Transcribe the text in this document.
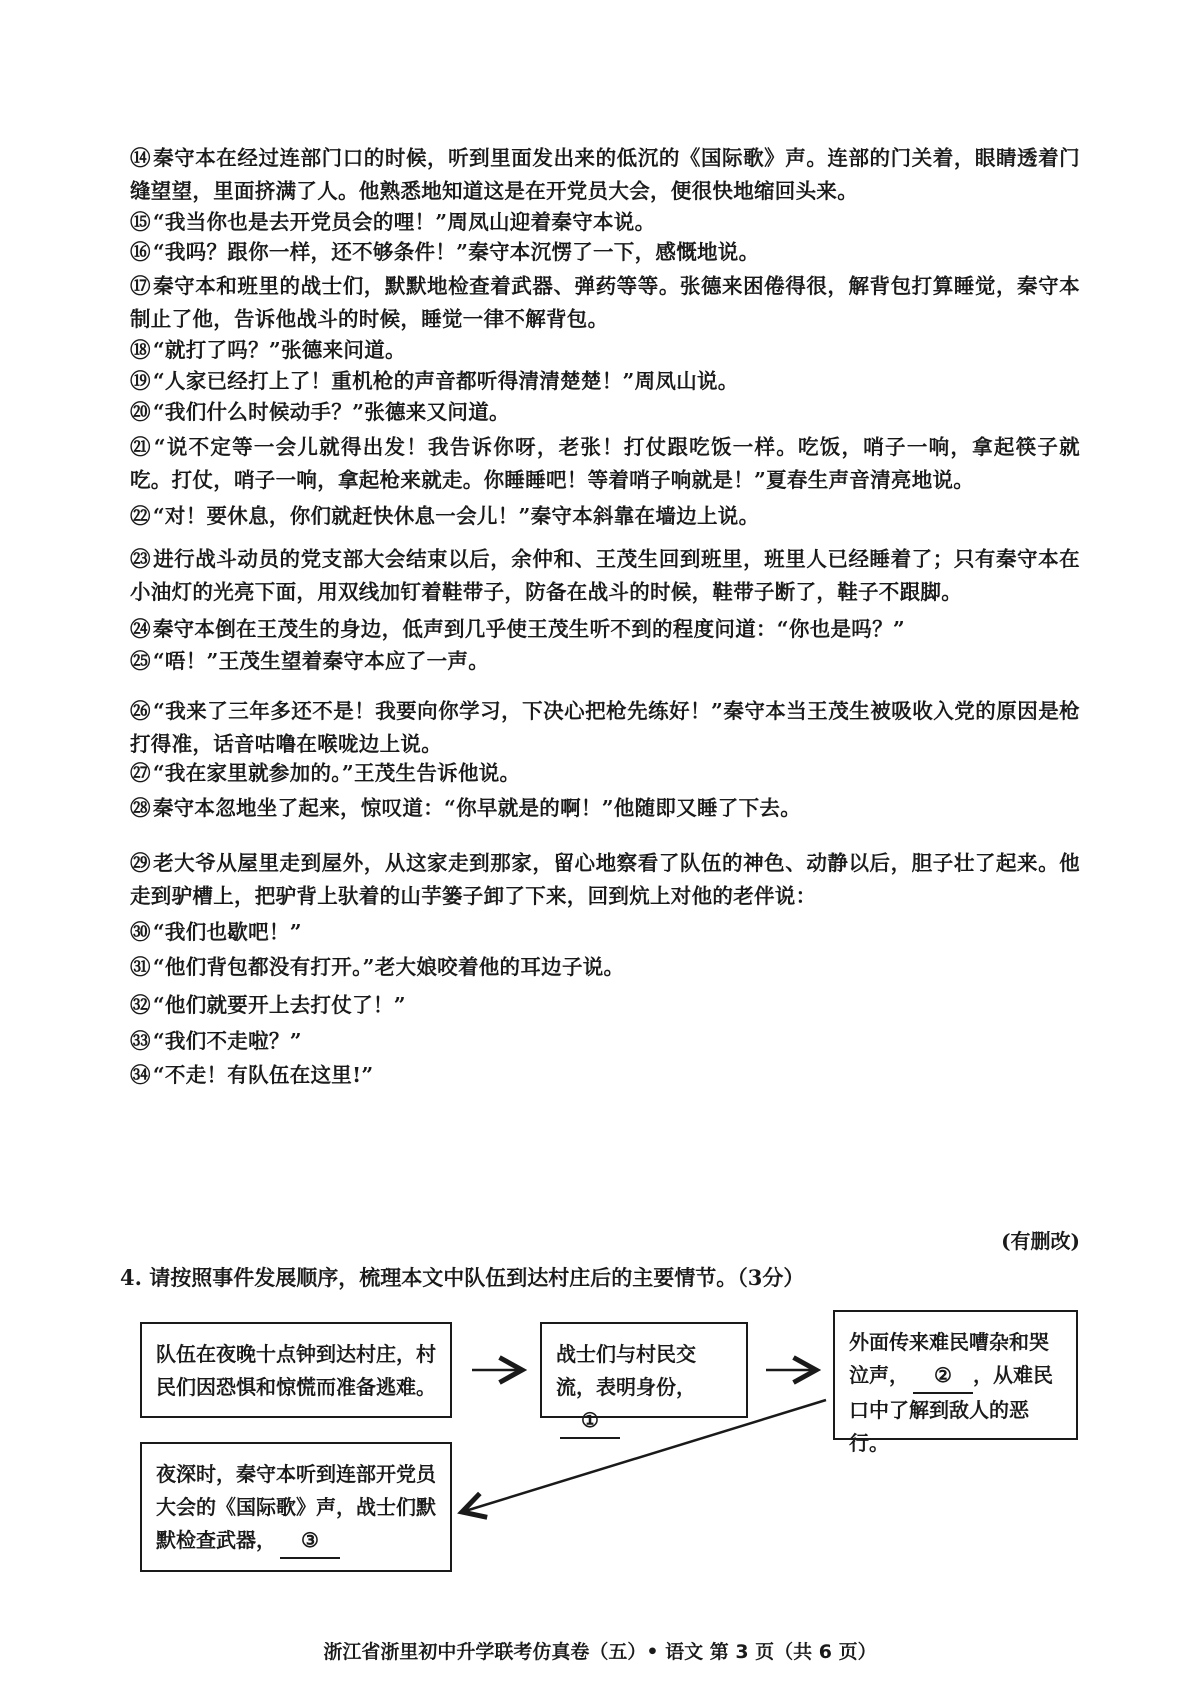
⑭秦守本在经过连部门口的时候，听到里面发出来的低沉的《国际歌》声。连部的门关着，眼睛透着门缝望望，里面挤满了人。他熟悉地知道这是在开党员大会，便很快地缩回头来。
⑮“我当你也是去开党员会的哩！”周凤山迎着秦守本说。
⑯“我吗？跟你一样，还不够条件！”秦守本沉愣了一下，感慨地说。
⑰秦守本和班里的战士们，默默地检查着武器、弹药等等。张德来困倦得很，解背包打算睡觉，秦守本制止了他，告诉他战斗的时候，睡觉一律不解背包。
⑱“就打了吗？”张德来问道。
⑲“人家已经打上了！重机枪的声音都听得清清楚楚！”周凤山说。
⑳“我们什么时候动手？”张德来又问道。
㉑“说不定等一会儿就得出发！我告诉你呀，老张！打仗跟吃饭一样。吃饭，哨子一响，拿起筷子就吃。打仗，哨子一响，拿起枪来就走。你睡睡吧！等着哨子响就是！”夏春生声音清亮地说。
㉒“对！要休息，你们就赶快休息一会儿！”秦守本斜靠在墙边上说。
㉓进行战斗动员的党支部大会结束以后，余仲和、王茂生回到班里，班里人已经睡着了；只有秦守本在小油灯的光亮下面，用双线加钉着鞋带子，防备在战斗的时候，鞋带子断了，鞋子不跟脚。
㉔秦守本倒在王茂生的身边，低声到几乎使王茂生听不到的程度问道：“你也是吗？”
㉕“唔！”王茂生望着秦守本应了一声。
㉖“我来了三年多还不是！我要向你学习，下决心把枪先练好！”秦守本当王茂生被吸收入党的原因是枪打得准，话音咕噜在喉咙边上说。
㉗“我在家里就参加的。”王茂生告诉他说。
㉘秦守本忽地坐了起来，惊叹道：“你早就是的啊！”他随即又睡了下去。
㉙老大爷从屋里走到屋外，从这家走到那家，留心地察看了队伍的神色、动静以后，胆子壮了起来。他走到驴槽上，把驴背上驮着的山芋篓子卸了下来，回到炕上对他的老伴说：
㉚“我们也歇吧！”
㉛“他们背包都没有打开。”老大娘咬着他的耳边子说。
㉜“他们就要开上去打仗了！”
㉝“我们不走啦？”
㉞“不走！有队伍在这里!”
(有删改)
4. 请按照事件发展顺序，梳理本文中队伍到达村庄后的主要情节。（3分）
队伍在夜晚十点钟到达村庄，村民们因恐惧和惊慌而准备逃难。
战士们与村民交流，表明身份，①
外面传来难民嘈杂和哭泣声， ② ，从难民口中了解到敌人的恶行。
夜深时，秦守本听到连部开党员大会的《国际歌》声，战士们默默检查武器， ③
浙江省浙里初中升学联考仿真卷（五）• 语文 第 3 页（共 6 页）
